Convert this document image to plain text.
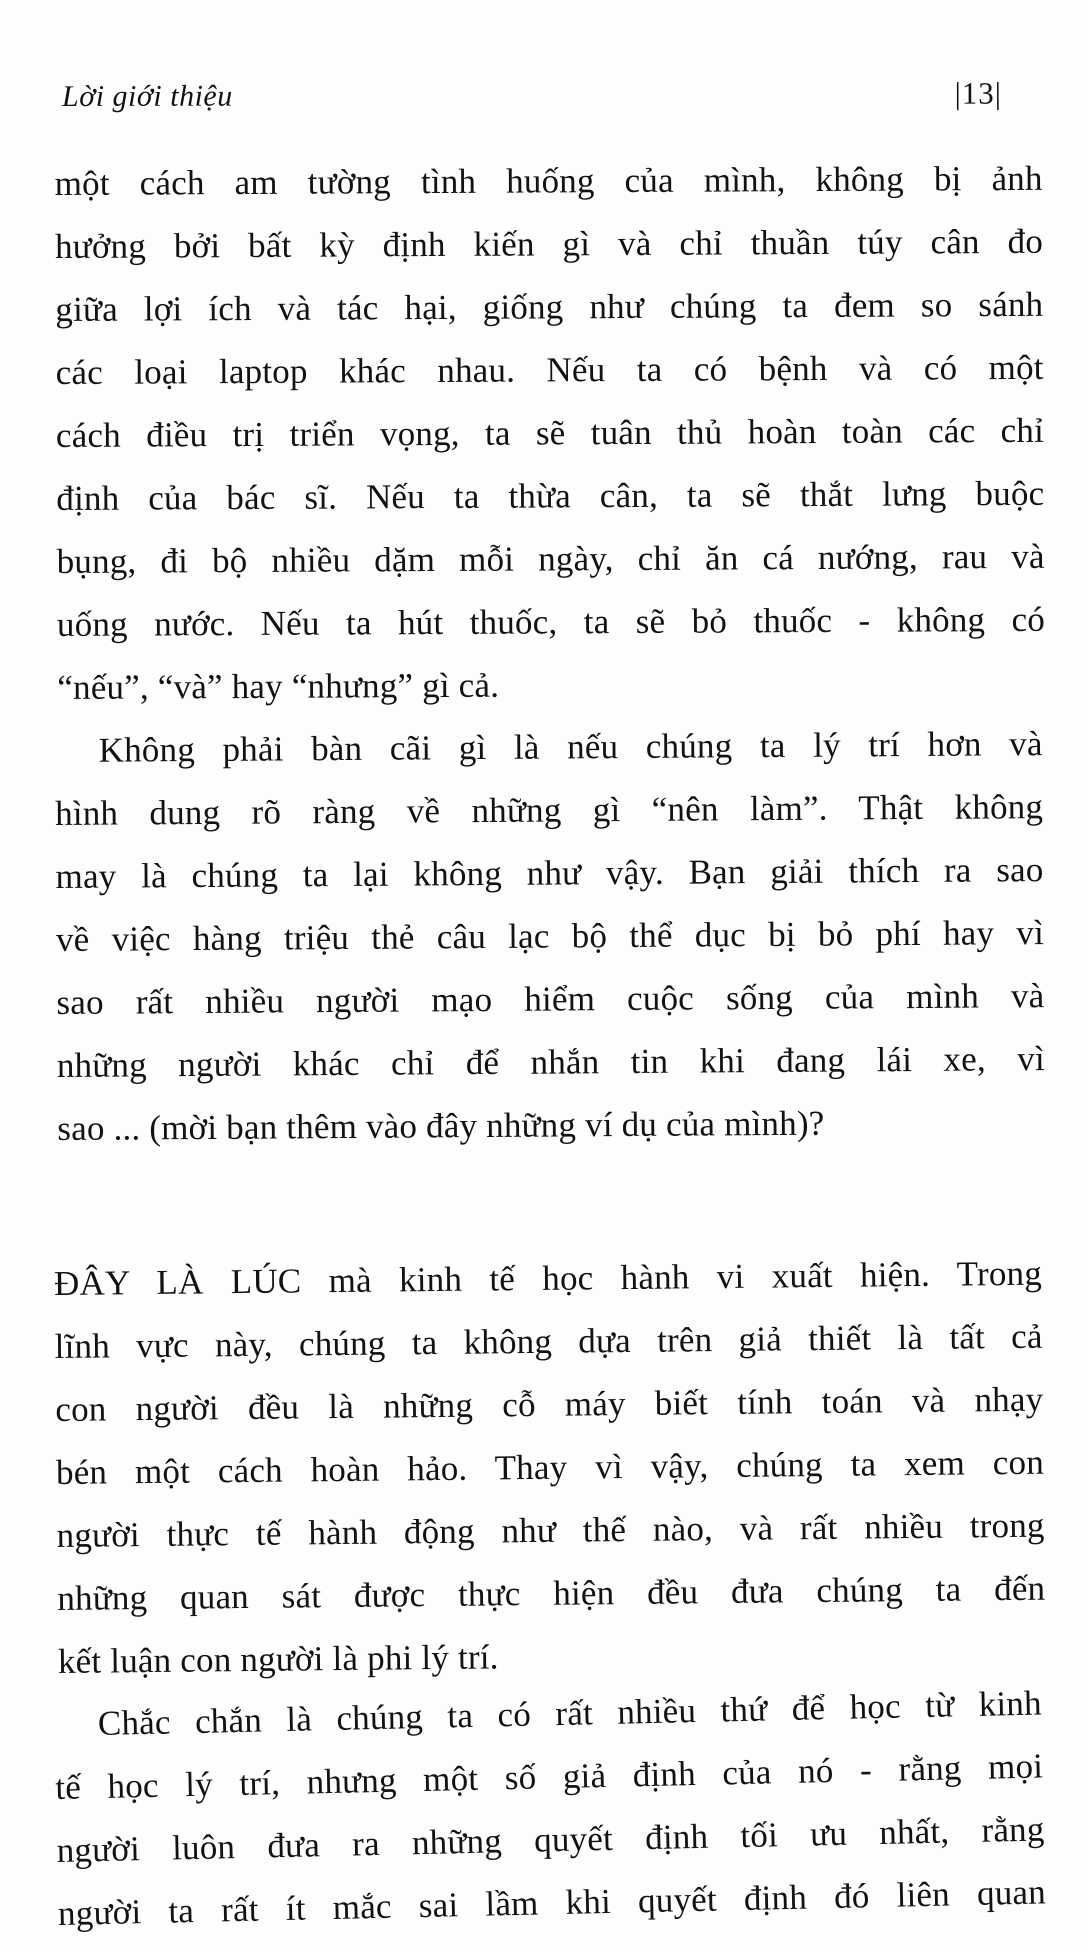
Lời giới thiệu	|13|

một cách am tường tình huống của mình, không bị ảnh
hưởng bởi bất kỳ định kiến gì và chỉ thuần túy cân đo
giữa lợi ích và tác hại, giống như chúng ta đem so sánh
các loại laptop khác nhau. Nếu ta có bệnh và có một
cách điều trị triển vọng, ta sẽ tuân thủ hoàn toàn các chỉ
định của bác sĩ. Nếu ta thừa cân, ta sẽ thắt lưng buộc
bụng, đi bộ nhiều dặm mỗi ngày, chỉ ăn cá nướng, rau và
uống nước. Nếu ta hút thuốc, ta sẽ bỏ thuốc - không có
“nếu”, “và” hay “nhưng” gì cả.

Không phải bàn cãi gì là nếu chúng ta lý trí hơn và
hình dung rõ ràng về những gì “nên làm”. Thật không
may là chúng ta lại không như vậy. Bạn giải thích ra sao
về việc hàng triệu thẻ câu lạc bộ thể dục bị bỏ phí hay vì
sao rất nhiều người mạo hiểm cuộc sống của mình và
những người khác chỉ để nhắn tin khi đang lái xe, vì
sao ... (mời bạn thêm vào đây những ví dụ của mình)?

ĐÂY LÀ LÚC mà kinh tế học hành vi xuất hiện. Trong
lĩnh vực này, chúng ta không dựa trên giả thiết là tất cả
con người đều là những cỗ máy biết tính toán và nhạy
bén một cách hoàn hảo. Thay vì vậy, chúng ta xem con
người thực tế hành động như thế nào, và rất nhiều trong
những quan sát được thực hiện đều đưa chúng ta đến
kết luận con người là phi lý trí.

Chắc chắn là chúng ta có rất nhiều thứ để học từ kinh
tế học lý trí, nhưng một số giả định của nó - rằng mọi
người luôn đưa ra những quyết định tối ưu nhất, rằng
người ta rất ít mắc sai lầm khi quyết định đó liên quan
